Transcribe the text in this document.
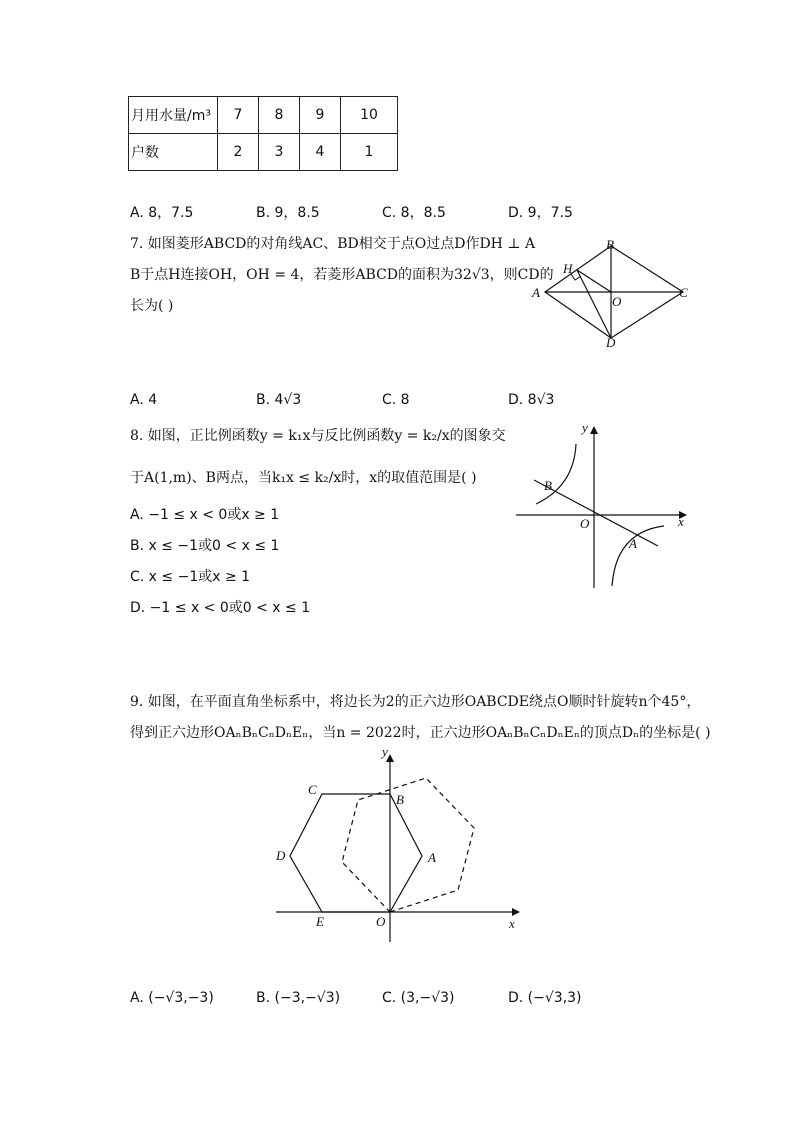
月用水量/m³	7	8	9	10
户数	2	3	4	1
A. 8，7.5	B. 9，8.5	C. 8，8.5	D. 9，7.5
7. 如图菱形ABCD的对角线AC、BD相交于点O过点D作DH ⊥ A
B于点H连接OH，OH = 4，若菱形ABCD的面积为32√3，则CD的
长为( )
A
B
C
D
H
O
A. 4	B. 4√3	C. 8	D. 8√3
8. 如图，正比例函数y = k₁x与反比例函数y = k₂/x的图象交
于A(1,m)、B两点，当k₁x ≤ k₂/x时，x的取值范围是( )
A. −1 ≤ x < 0或x ≥ 1
B. x ≤ −1或0 < x ≤ 1
C. x ≤ −1或x ≥ 1
D. −1 ≤ x < 0或0 < x ≤ 1
y
x
O
B
A
9. 如图，在平面直角坐标系中，将边长为2的正六边形OABCDE绕点O顺时针旋转n个45°，
得到正六边形OAₙBₙCₙDₙEₙ，当n = 2022时，正六边形OAₙBₙCₙDₙEₙ的顶点Dₙ的坐标是( )
y
x
O
A
B
C
D
E
A. (−√3,−3)	B. (−3,−√3)	C. (3,−√3)	D. (−√3,3)
